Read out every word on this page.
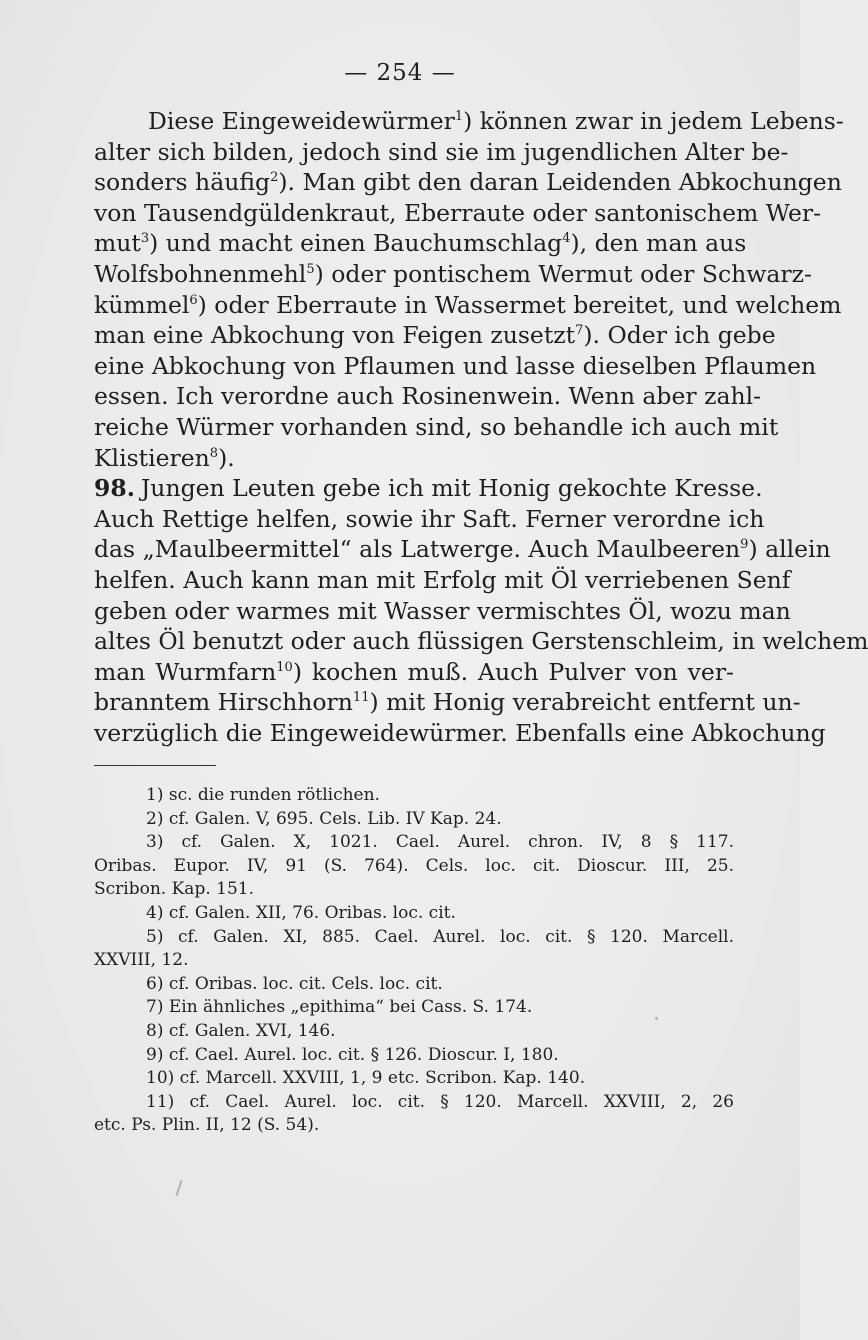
— 254 —
Diese Eingeweidewürmer$^1$) können zwar in jedem Lebens-
alter sich bilden, jedoch sind sie im jugendlichen Alter be-
sonders häufig$^2$). Man gibt den daran Leidenden Abkochungen
von Tausendgüldenkraut, Eberraute oder santonischem Wer-
mut$^3$) und macht einen Bauchumschlag$^4$), den man aus
Wolfsbohnenmehl$^5$) oder pontischem Wermut oder Schwarz-
kümmel$^6$) oder Eberraute in Wassermet bereitet, und welchem
man eine Abkochung von Feigen zusetzt$^7$). Oder ich gebe
eine Abkochung von Pflaumen und lasse dieselben Pflaumen
essen. Ich verordne auch Rosinenwein. Wenn aber zahl-
reiche Würmer vorhanden sind, so behandle ich auch mit
Klistieren$^8$).
98. Jungen Leuten gebe ich mit Honig gekochte Kresse.
Auch Rettige helfen, sowie ihr Saft. Ferner verordne ich
das „Maulbeermittel“ als Latwerge. Auch Maulbeeren$^9$) allein
helfen. Auch kann man mit Erfolg mit Öl verriebenen Senf
geben oder warmes mit Wasser vermischtes Öl, wozu man
altes Öl benutzt oder auch flüssigen Gerstenschleim, in welchem
man Wurmfarn$^{10}$) kochen muß. Auch Pulver von ver-
branntem Hirschhorn$^{11}$) mit Honig verabreicht entfernt un-
verzüglich die Eingeweidewürmer. Ebenfalls eine Abkochung
1) sc. die runden rötlichen.
2) cf. Galen. V, 695. Cels. Lib. IV Kap. 24.
3) cf. Galen. X, 1021. Cael. Aurel. chron. IV, 8 § 117.
Oribas. Eupor. IV, 91 (S. 764). Cels. loc. cit. Dioscur. III, 25.
Scribon. Kap. 151.
4) cf. Galen. XII, 76. Oribas. loc. cit.
5) cf. Galen. XI, 885. Cael. Aurel. loc. cit. § 120. Marcell.
XXVIII, 12.
6) cf. Oribas. loc. cit. Cels. loc. cit.
7) Ein ähnliches „epithima“ bei Cass. S. 174.
8) cf. Galen. XVI, 146.
9) cf. Cael. Aurel. loc. cit. § 126. Dioscur. I, 180.
10) cf. Marcell. XXVIII, 1, 9 etc. Scribon. Kap. 140.
11) cf. Cael. Aurel. loc. cit. § 120. Marcell. XXVIII, 2, 26
etc. Ps. Plin. II, 12 (S. 54).
